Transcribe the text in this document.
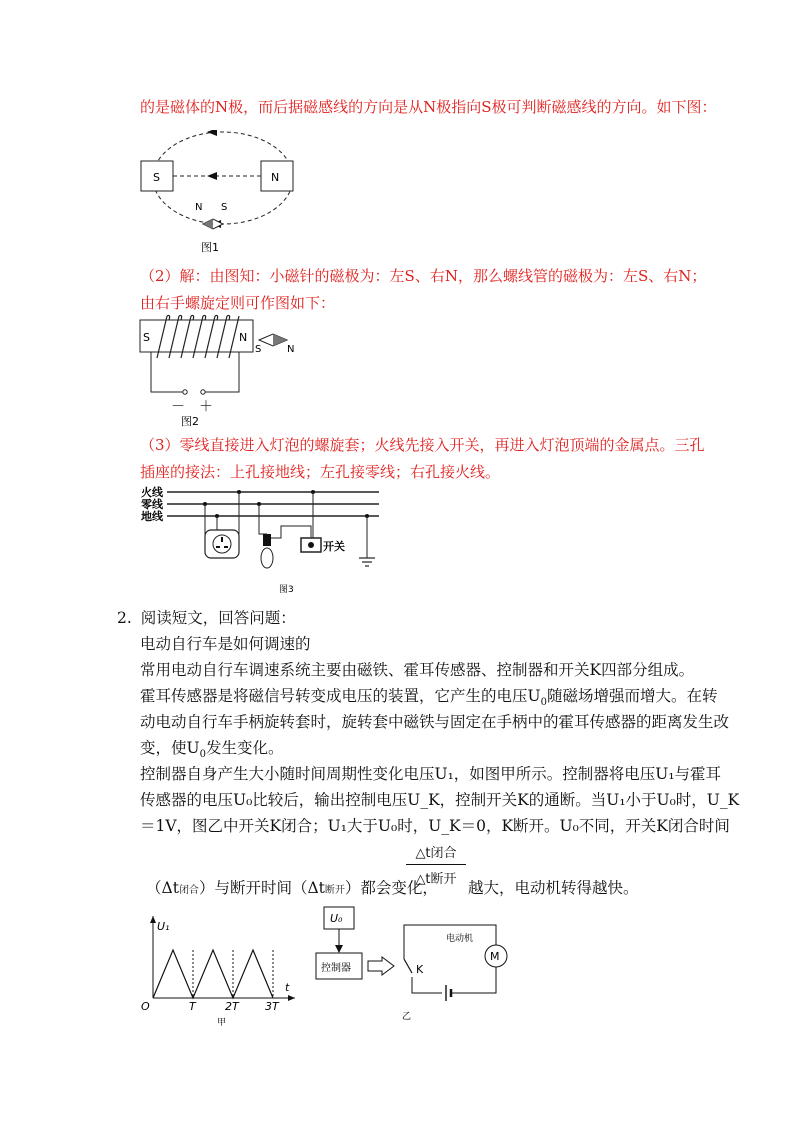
的是磁体的N极，而后据磁感线的方向是从N极指向S极可判断磁感线的方向。如下图：
S	N
N S
图1
（2）解：由图知：小磁针的磁极为：左S、右N，那么螺线管的磁极为：左S、右N；
由右手螺旋定则可作图如下：
S	N
－ ＋
S	N
图2
（3）零线直接进入灯泡的螺旋套；火线先接入开关，再进入灯泡顶端的金属点。三孔
插座的接法：上孔接地线；左孔接零线；右孔接火线。
火线
零线
地线
开关
图3
2. 阅读短文，回答问题：
电动自行车是如何调速的
常用电动自行车调速系统主要由磁铁、霍耳传感器、控制器和开关K四部分组成。
霍耳传感器是将磁信号转变成电压的装置，它产生的电压$U_0$随磁场增强而增大。在转
动电动自行车手柄旋转套时，旋转套中磁铁与固定在手柄中的霍耳传感器的距离发生改
变，使$U_0$发生变化。
控制器自身产生大小随时间周期性变化电压U₁，如图甲所示。控制器将电压U₁与霍耳
传感器的电压U₀比较后，输出控制电压U_K，控制开关K的通断。当U₁小于U₀时，U_K
＝1V，图乙中开关K闭合；U₁大于U₀时，U_K＝0，K断开。U₀不同，开关K闭合时间
（Δt闭合）与断开时间（Δt断开）都会变化，
△t闭合
△t断开 越大，电动机转得越快。
U₁
t
O	T	2T 3T
甲
U₀
控制器	K
M
电动机
乙
